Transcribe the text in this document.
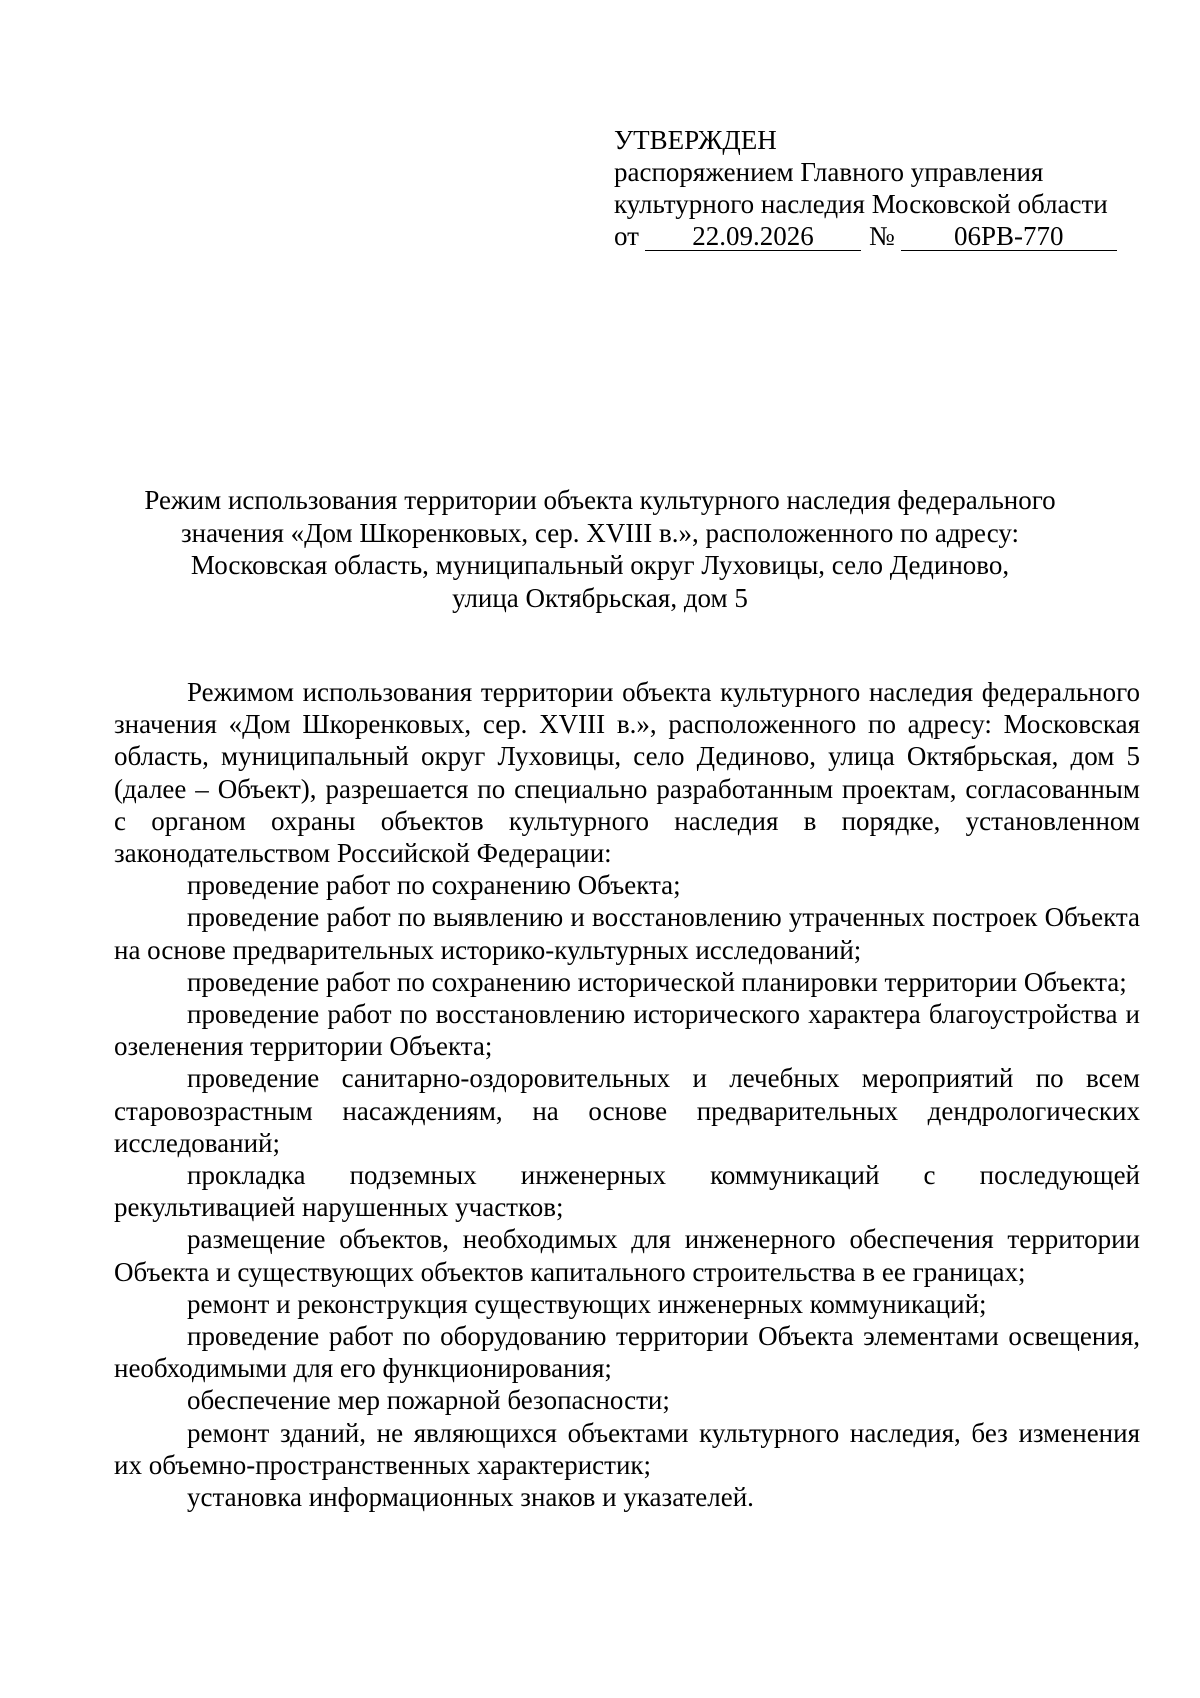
УТВЕРЖДЕН
распоряжением Главного управления
культурного наследия Московской области
от	22.09.2026	№	06РВ-770
Режим использования территории объекта культурного наследия федерального
значения «Дом Шкоренковых, сер. XVIII в.», расположенного по адресу:
Московская область, муниципальный округ Луховицы, село Дединово,
улица Октябрьская, дом 5

Режимом использования территории объекта культурного наследия федерального значения «Дом Шкоренковых, сер. XVIII в.», расположенного по адресу: Московская область, муниципальный округ Луховицы, село Дединово, улица Октябрьская, дом 5 (далее – Объект), разрешается по специально разработанным проектам, согласованным с органом охраны объектов культурного наследия в порядке, установленном законодательством Российской Федерации:

проведение работ по сохранению Объекта;

проведение работ по выявлению и восстановлению утраченных построек Объекта на основе предварительных историко-культурных исследований;

проведение работ по сохранению исторической планировки территории Объекта;

проведение работ по восстановлению исторического характера благоустройства и озеленения территории Объекта;

проведение санитарно-оздоровительных и лечебных мероприятий по всем старовозрастным насаждениям, на основе предварительных дендрологических исследований;

прокладка подземных инженерных коммуникаций с последующей рекультивацией нарушенных участков;

размещение объектов, необходимых для инженерного обеспечения территории Объекта и существующих объектов капитального строительства в ее границах;

ремонт и реконструкция существующих инженерных коммуникаций;

проведение работ по оборудованию территории Объекта элементами освещения, необходимыми для его функционирования;

обеспечение мер пожарной безопасности;

ремонт зданий, не являющихся объектами культурного наследия, без изменения их объемно-пространственных характеристик;

установка информационных знаков и указателей.
